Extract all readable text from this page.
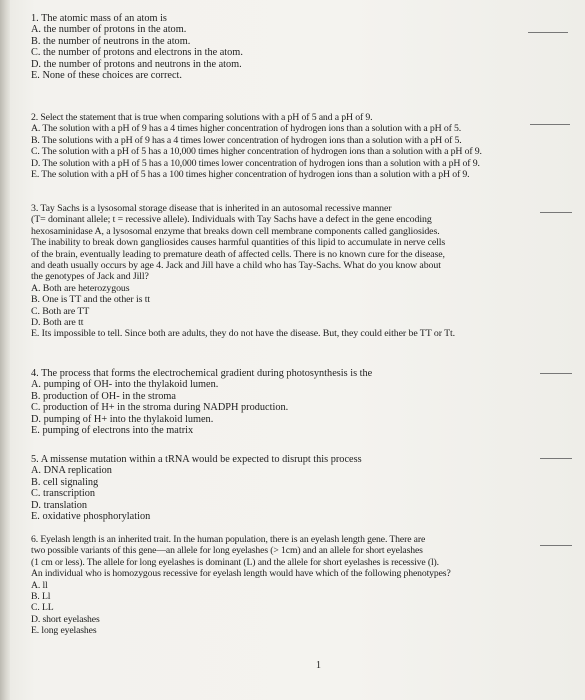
1. The atomic mass of an atom is
A. the number of protons in the atom.
B. the number of neutrons in the atom.
C. the number of protons and electrons in the atom.
D. the number of protons and neutrons in the atom.
E. None of these choices are correct.
2. Select the statement that is true when comparing solutions with a pH of 5 and a pH of 9.
A. The solution with a pH of 9 has a 4 times higher concentration of hydrogen ions than a solution with a pH of 5.
B. The solutions with a pH of 9 has a 4 times lower concentration of hydrogen ions than a solution with a pH of 5.
C. The solution with a pH of 5 has a 10,000 times higher concentration of hydrogen ions than a solution with a pH of 9.
D. The solution with a pH of 5 has a 10,000 times lower concentration of hydrogen ions than a solution with a pH of 9.
E. The solution with a pH of 5 has a 100 times higher concentration of hydrogen ions than a solution with a pH of 9.
3. Tay Sachs is a lysosomal storage disease that is inherited in an autosomal recessive manner
(T= dominant allele; t = recessive allele). Individuals with Tay Sachs have a defect in the gene encoding
hexosaminidase A, a lysosomal enzyme that breaks down cell membrane components called gangliosides.
The inability to break down gangliosides causes harmful quantities of this lipid to accumulate in nerve cells
of the brain, eventually leading to premature death of affected cells. There is no known cure for the disease,
and death usually occurs by age 4. Jack and Jill have a child who has Tay-Sachs. What do you know about
the genotypes of Jack and Jill?
A. Both are heterozygous
B. One is TT and the other is tt
C. Both are TT
D. Both are tt
E. Its impossible to tell. Since both are adults, they do not have the disease. But, they could either be TT or Tt.
4. The process that forms the electrochemical gradient during photosynthesis is the
A. pumping of OH- into the thylakoid lumen.
B. production of OH- in the stroma
C. production of H+ in the stroma during NADPH production.
D. pumping of H+ into the thylakoid lumen.
E. pumping of electrons into the matrix
5. A missense mutation within a tRNA would be expected to disrupt this process
A. DNA replication
B. cell signaling
C. transcription
D. translation
E. oxidative phosphorylation
6. Eyelash length is an inherited trait. In the human population, there is an eyelash length gene. There are
two possible variants of this gene—an allele for long eyelashes (> 1cm) and an allele for short eyelashes
(1 cm or less). The allele for long eyelashes is dominant (L) and the allele for short eyelashes is recessive (l).
An individual who is homozygous recessive for eyelash length would have which of the following phenotypes?
A. ll
B. Ll
C. LL
D. short eyelashes
E. long eyelashes
1
